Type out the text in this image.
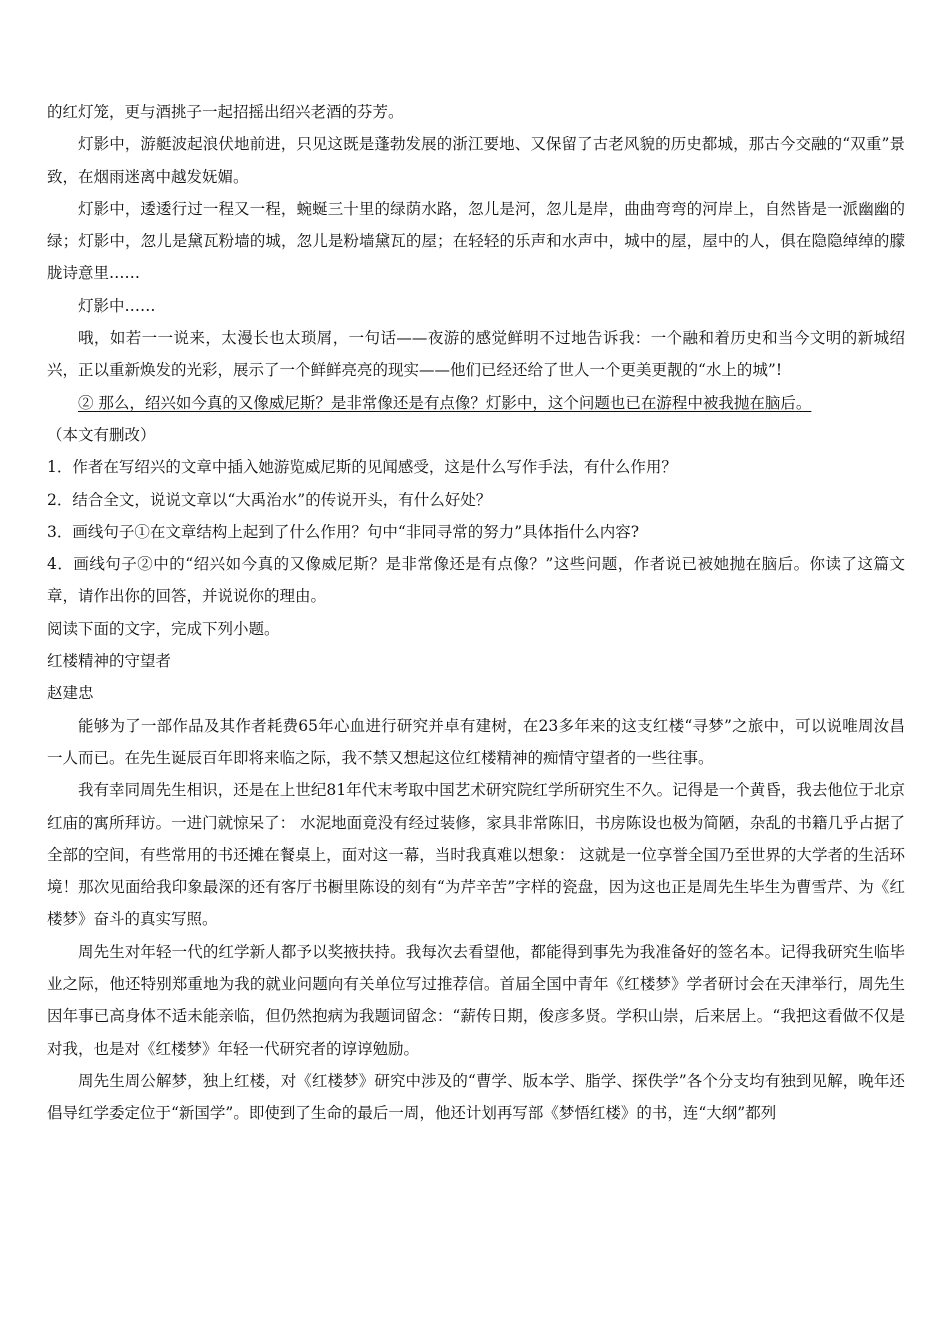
的红灯笼，更与酒挑子一起招摇出绍兴老酒的芬芳。

灯影中，游艇波起浪伏地前进，只见这既是蓬勃发展的浙江要地、又保留了古老风貌的历史都城，那古今交融的“双重”景致，在烟雨迷离中越发妩媚。

灯影中，逶逶行过一程又一程，蜿蜒三十里的绿荫水路，忽儿是河，忽儿是岸，曲曲弯弯的河岸上，自然皆是一派幽幽的绿；灯影中，忽儿是黛瓦粉墙的城，忽儿是粉墙黛瓦的屋；在轻轻的乐声和水声中，城中的屋，屋中的人，俱在隐隐绰绰的朦胧诗意里……

灯影中……

哦，如若一一说来，太漫长也太琐屑，一句话——夜游的感觉鲜明不过地告诉我：一个融和着历史和当今文明的新城绍兴，正以重新焕发的光彩，展示了一个鲜鲜亮亮的现实——他们已经还给了世人一个更美更靓的“水上的城”!

② 那么，绍兴如今真的又像威尼斯？是非常像还是有点像？灯影中，这个问题也已在游程中被我抛在脑后。

（本文有删改）

1．作者在写绍兴的文章中插入她游览威尼斯的见闻感受，这是什么写作手法，有什么作用？

2．结合全文，说说文章以“大禹治水”的传说开头，有什么好处？

3．画线句子①在文章结构上起到了什么作用？句中“非同寻常的努力”具体指什么内容?

4．画线句子②中的“绍兴如今真的又像威尼斯？是非常像还是有点像？”这些问题，作者说已被她抛在脑后。你读了这篇文章，请作出你的回答，并说说你的理由。

阅读下面的文字，完成下列小题。

红楼精神的守望者

赵建忠

能够为了一部作品及其作者耗费65年心血进行研究并卓有建树，在23多年来的这支红楼“寻梦”之旅中，可以说唯周汝昌一人而已。在先生诞辰百年即将来临之际，我不禁又想起这位红楼精神的痴情守望者的一些往事。

我有幸同周先生相识，还是在上世纪81年代末考取中国艺术研究院红学所研究生不久。记得是一个黄昏，我去他位于北京红庙的寓所拜访。一进门就惊呆了： 水泥地面竟没有经过装修，家具非常陈旧，书房陈设也极为简陋，杂乱的书籍几乎占据了全部的空间，有些常用的书还摊在餐桌上，面对这一幕，当时我真难以想象： 这就是一位享誉全国乃至世界的大学者的生活环境！那次见面给我印象最深的还有客厅书橱里陈设的刻有“为芹辛苦”字样的瓷盘，因为这也正是周先生毕生为曹雪芹、为《红楼梦》奋斗的真实写照。

周先生对年轻一代的红学新人都予以奖掖扶持。我每次去看望他，都能得到事先为我准备好的签名本。记得我研究生临毕业之际，他还特别郑重地为我的就业问题向有关单位写过推荐信。首届全国中青年《红楼梦》学者研讨会在天津举行，周先生因年事已高身体不适未能亲临，但仍然抱病为我题词留念：“薪传日期，俊彦多贤。学积山崇，后来居上。“我把这看做不仅是对我，也是对《红楼梦》年轻一代研究者的谆谆勉励。

周先生周公解梦，独上红楼，对《红楼梦》研究中涉及的“曹学、版本学、脂学、探佚学”各个分支均有独到见解，晚年还倡导红学委定位于“新国学”。即使到了生命的最后一周，他还计划再写部《梦悟红楼》的书，连“大纲”都列
